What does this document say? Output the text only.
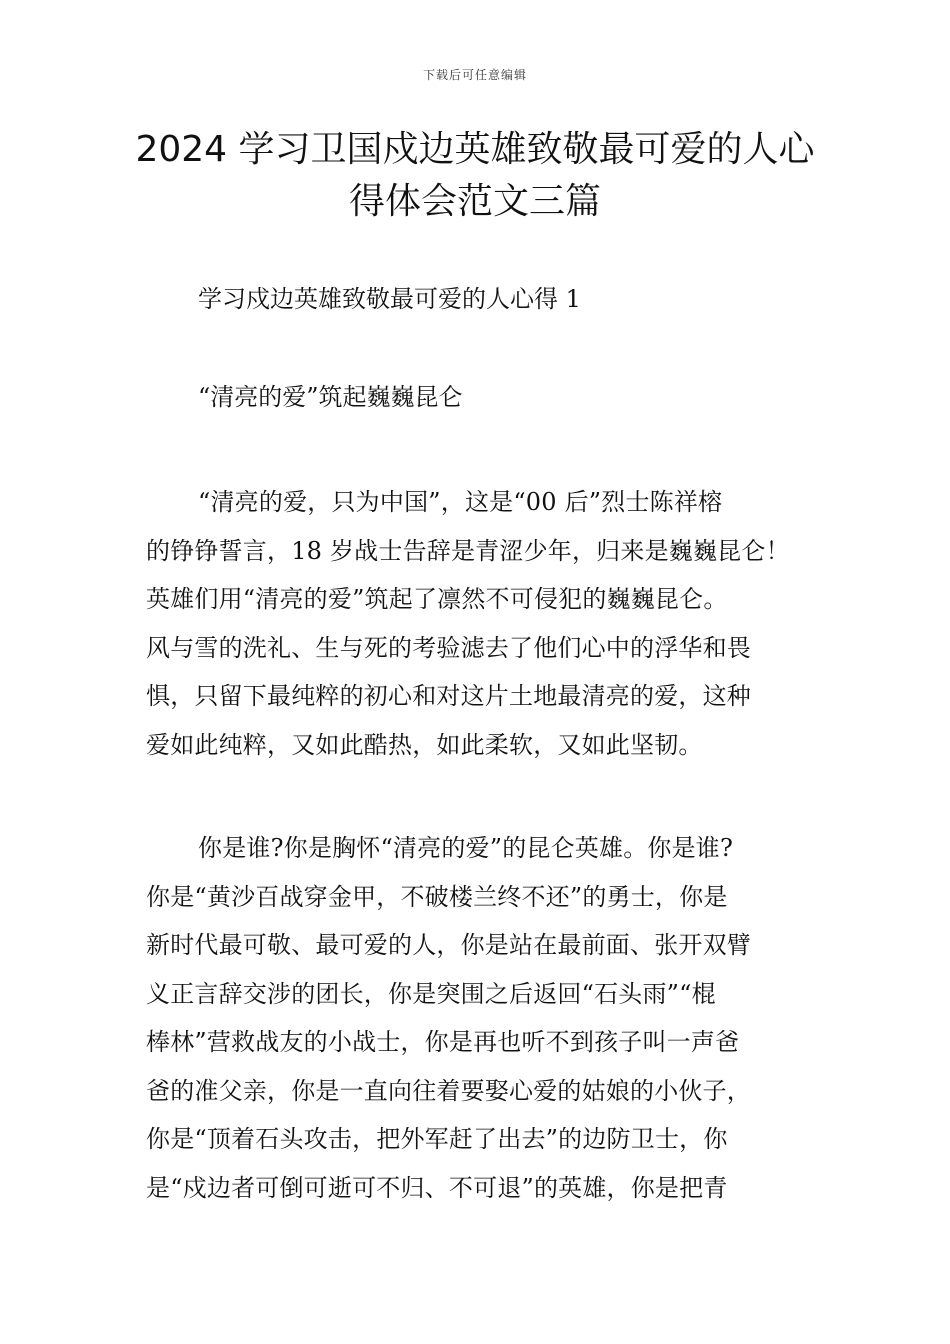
下载后可任意编辑
2024 学习卫国戍边英雄致敬最可爱的人心
得体会范文三篇
学习戍边英雄致敬最可爱的人心得 1
“清亮的爱”筑起巍巍昆仑
“清亮的爱，只为中国”，这是“00 后”烈士陈祥榕
的铮铮誓言，18 岁战士告辞是青涩少年，归来是巍巍昆仑！
英雄们用“清亮的爱”筑起了凛然不可侵犯的巍巍昆仑。
风与雪的洗礼、生与死的考验滤去了他们心中的浮华和畏
惧，只留下最纯粹的初心和对这片土地最清亮的爱，这种
爱如此纯粹，又如此酷热，如此柔软，又如此坚韧。
你是谁?你是胸怀“清亮的爱”的昆仑英雄。你是谁?
你是“黄沙百战穿金甲，不破楼兰终不还”的勇士，你是
新时代最可敬、最可爱的人，你是站在最前面、张开双臂
义正言辞交涉的团长，你是突围之后返回“石头雨”“棍
棒林”营救战友的小战士，你是再也听不到孩子叫一声爸
爸的准父亲，你是一直向往着要娶心爱的姑娘的小伙子，
你是“顶着石头攻击，把外军赶了出去”的边防卫士，你
是“戍边者可倒可逝可不归、不可退”的英雄，你是把青
